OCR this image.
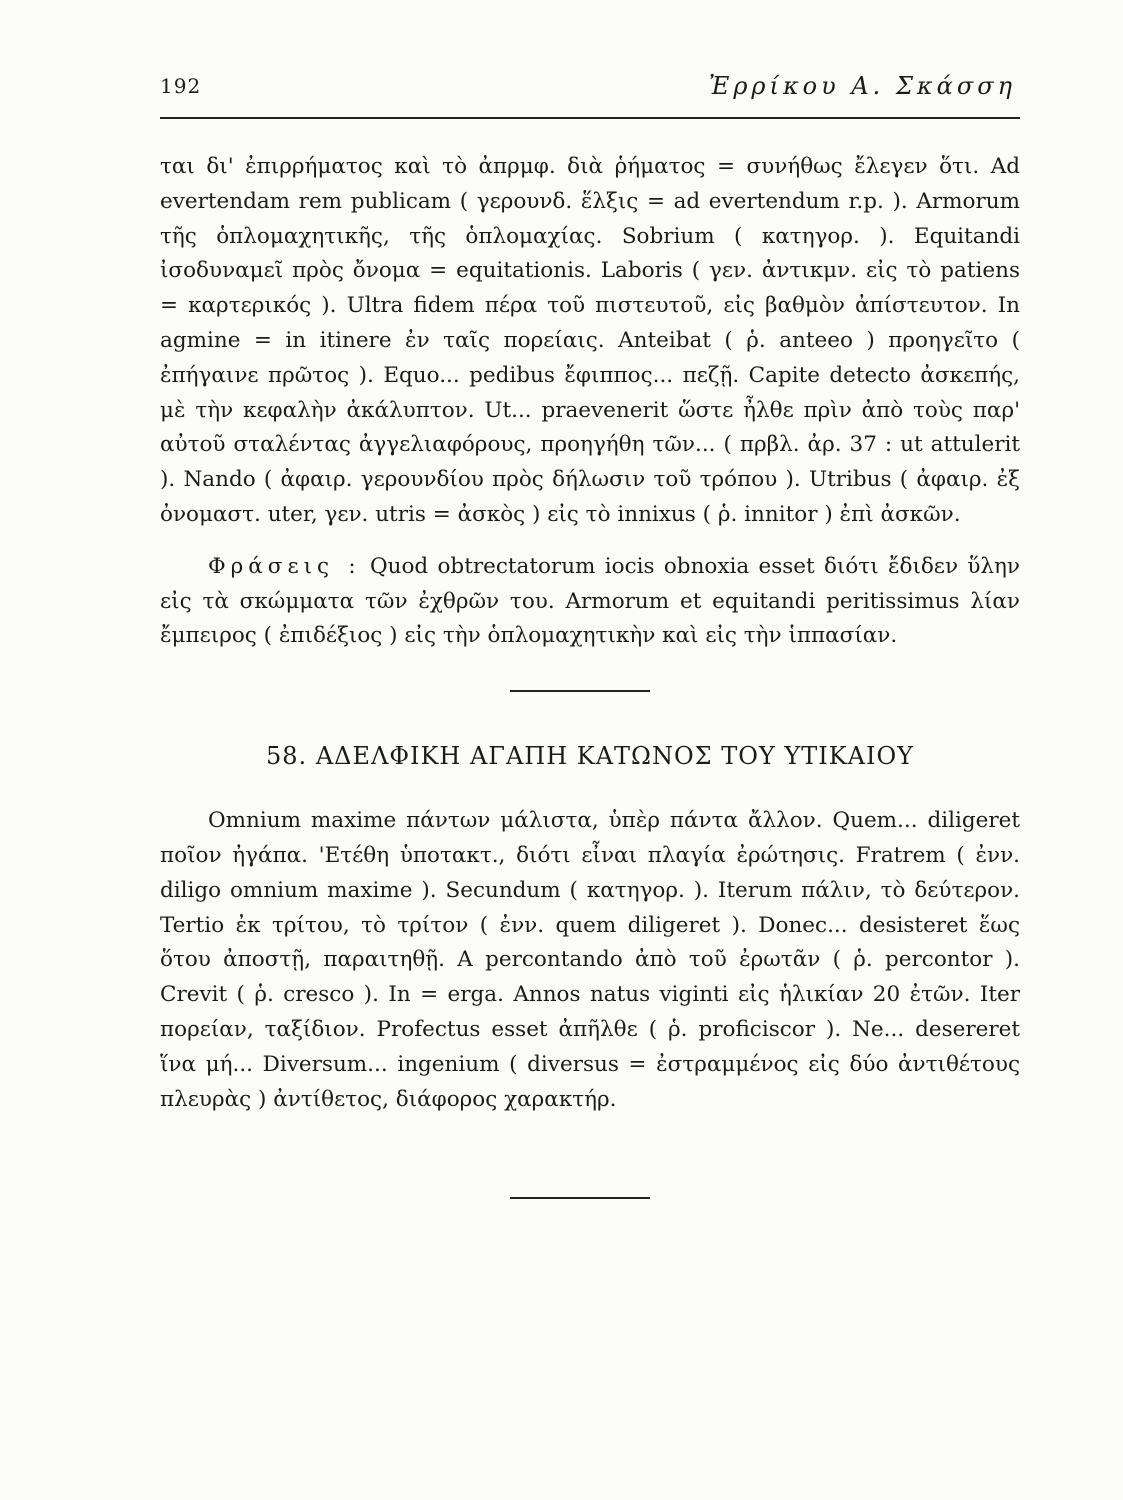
192	Ἐρρίκου Α. Σκάσση

ται δι' ἐπιρρήματος καὶ τὸ ἀπρμφ. διὰ ῥήματος = συνήθως ἔλεγεν ὅτι. Ad evertendam rem publicam ( γερουνδ. ἕλξις = ad evertendum r.p. ). Armorum τῆς ὁπλομαχητικῆς, τῆς ὁπλομαχίας. Sobrium ( κατηγορ. ). Equitandi ἰσοδυναμεῖ πρὸς ὄνομα = equitationis. Laboris ( γεν. ἀντικμν. εἰς τὸ patiens = καρτερικός ). Ultra fidem πέρα τοῦ πιστευτοῦ, εἰς βαθμὸν ἀπίστευτον. In agmine = in itinere ἐν ταῖς πορείαις. Anteibat ( ῥ. anteeo ) προηγεῖτο ( ἐπήγαινε πρῶτος ). Equo... pedibus ἔφιππος... πεζῇ. Capite detecto ἀσκεπής, μὲ τὴν κεφαλὴν ἀκάλυπτον. Ut... praevenerit ὥστε ἦλθε πρὶν ἀπὸ τοὺς παρ' αὐτοῦ σταλέντας ἀγγελιαφόρους, προηγήθη τῶν... ( πρβλ. ἀρ. 37 : ut attulerit ). Nando ( ἀφαιρ. γερουνδίου πρὸς δήλωσιν τοῦ τρόπου ). Utribus ( ἀφαιρ. ἐξ ὀνομαστ. uter, γεν. utris = ἀσκὸς ) εἰς τὸ innixus ( ῥ. innitor ) ἐπὶ ἀσκῶν.

Φράσεις : Quod obtrectatorum iocis obnoxia esset διότι ἔδιδεν ὕλην εἰς τὰ σκώμματα τῶν ἐχθρῶν του. Armorum et equitandi peritissimus λίαν ἔμπειρος ( ἐπιδέξιος ) εἰς τὴν ὁπλομαχητικὴν καὶ εἰς τὴν ἱππασίαν.

58. ΑΔΕΛΦΙΚΗ ΑΓΑΠΗ ΚΑΤΩΝΟΣ ΤΟΥ ΥΤΙΚΑΙΟΥ

Omnium maxime πάντων μάλιστα, ὑπὲρ πάντα ἄλλον. Quem... diligeret ποῖον ἠγάπα. 'Ετέθη ὑποτακτ., διότι εἶναι πλαγία ἐρώτησις. Fratrem ( ἐνν. diligo omnium maxime ). Secundum ( κατηγορ. ). Iterum πάλιν, τὸ δεύτερον. Tertio ἐκ τρίτου, τὸ τρίτον ( ἐνν. quem diligeret ). Donec... desisteret ἕως ὅτου ἀποστῇ, παραιτηθῇ. A percontando ἀπὸ τοῦ ἐρωτᾶν ( ῥ. percontor ). Crevit ( ῥ. cresco ). In = erga. Annos natus viginti εἰς ἡλικίαν 20 ἐτῶν. Iter πορείαν, ταξίδιον. Profectus esset ἀπῆλθε ( ῥ. proficiscor ). Ne... desereret ἵνα μή... Diversum... ingenium ( diversus = ἐστραμμένος εἰς δύο ἀντιθέτους πλευρὰς ) ἀντίθετος, διάφορος χαρακτήρ.
